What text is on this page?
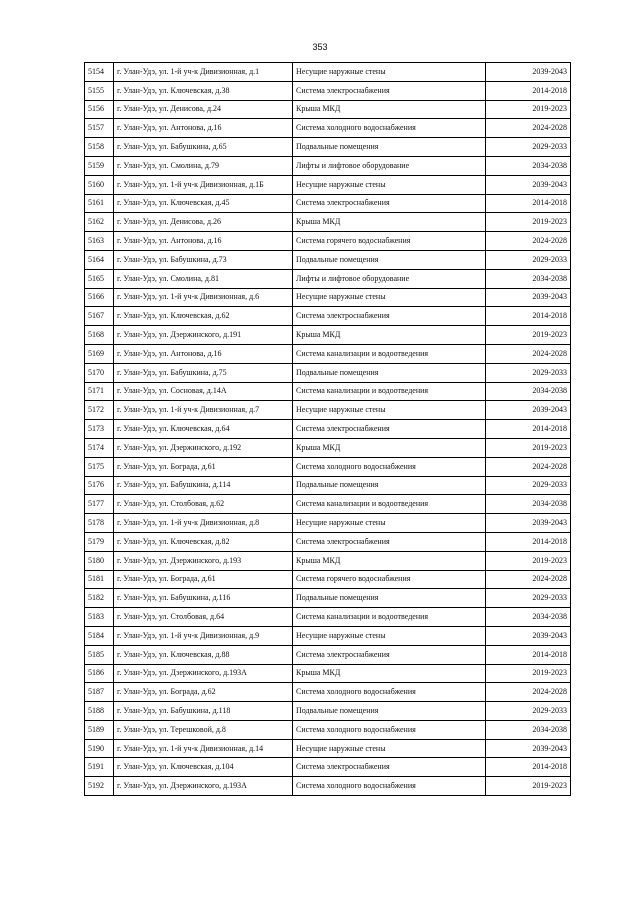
353
5154	г. Улан-Удэ, ул. 1-й уч-к Дивизионная, д.1	Несущие наружные стены	2039-2043
5155	г. Улан-Удэ, ул. Ключевская, д.38	Система электроснабжения	2014-2018
5156	г. Улан-Удэ, ул. Денисова, д.24	Крыша МКД	2019-2023
5157	г. Улан-Удэ, ул. Антонова, д.16	Система холодного водоснабжения	2024-2028
5158	г. Улан-Удэ, ул. Бабушкина, д.65	Подвальные помещения	2029-2033
5159	г. Улан-Удэ, ул. Смолина, д.79	Лифты и лифтовое оборудование	2034-2038
5160	г. Улан-Удэ, ул. 1-й уч-к Дивизионная, д.1Б	Несущие наружные стены	2039-2043
5161	г. Улан-Удэ, ул. Ключевская, д.45	Система электроснабжения	2014-2018
5162	г. Улан-Удэ, ул. Денисова, д.26	Крыша МКД	2019-2023
5163	г. Улан-Удэ, ул. Антонова, д.16	Система горячего водоснабжения	2024-2028
5164	г. Улан-Удэ, ул. Бабушкина, д.73	Подвальные помещения	2029-2033
5165	г. Улан-Удэ, ул. Смолина, д.81	Лифты и лифтовое оборудование	2034-2038
5166	г. Улан-Удэ, ул. 1-й уч-к Дивизионная, д.6	Несущие наружные стены	2039-2043
5167	г. Улан-Удэ, ул. Ключевская, д.62	Система электроснабжения	2014-2018
5168	г. Улан-Удэ, ул. Дзержинского, д.191	Крыша МКД	2019-2023
5169	г. Улан-Удэ, ул. Антонова, д.16	Система канализации и водоотведения	2024-2028
5170	г. Улан-Удэ, ул. Бабушкина, д.75	Подвальные помещения	2029-2033
5171	г. Улан-Удэ, ул. Сосновая, д.14А	Система канализации и водоотведения	2034-2038
5172	г. Улан-Удэ, ул. 1-й уч-к Дивизионная, д.7	Несущие наружные стены	2039-2043
5173	г. Улан-Удэ, ул. Ключевская, д.64	Система электроснабжения	2014-2018
5174	г. Улан-Удэ, ул. Дзержинского, д.192	Крыша МКД	2019-2023
5175	г. Улан-Удэ, ул. Бограда, д.61	Система холодного водоснабжения	2024-2028
5176	г. Улан-Удэ, ул. Бабушкина, д.114	Подвальные помещения	2029-2033
5177	г. Улан-Удэ, ул. Столбовая, д.62	Система канализации и водоотведения	2034-2038
5178	г. Улан-Удэ, ул. 1-й уч-к Дивизионная, д.8	Несущие наружные стены	2039-2043
5179	г. Улан-Удэ, ул. Ключевская, д.82	Система электроснабжения	2014-2018
5180	г. Улан-Удэ, ул. Дзержинского, д.193	Крыша МКД	2019-2023
5181	г. Улан-Удэ, ул. Бограда, д.61	Система горячего водоснабжения	2024-2028
5182	г. Улан-Удэ, ул. Бабушкина, д.116	Подвальные помещения	2029-2033
5183	г. Улан-Удэ, ул. Столбовая, д.64	Система канализации и водоотведения	2034-2038
5184	г. Улан-Удэ, ул. 1-й уч-к Дивизионная, д.9	Несущие наружные стены	2039-2043
5185	г. Улан-Удэ, ул. Ключевская, д.88	Система электроснабжения	2014-2018
5186	г. Улан-Удэ, ул. Дзержинского, д.193А	Крыша МКД	2019-2023
5187	г. Улан-Удэ, ул. Бограда, д.62	Система холодного водоснабжения	2024-2028
5188	г. Улан-Удэ, ул. Бабушкина, д.118	Подвальные помещения	2029-2033
5189	г. Улан-Удэ, ул. Терешковой, д.8	Система холодного водоснабжения	2034-2038
5190	г. Улан-Удэ, ул. 1-й уч-к Дивизионная, д.14	Несущие наружные стены	2039-2043
5191	г. Улан-Удэ, ул. Ключевская, д.104	Система электроснабжения	2014-2018
5192	г. Улан-Удэ, ул. Дзержинского, д.193А	Система холодного водоснабжения	2019-2023
